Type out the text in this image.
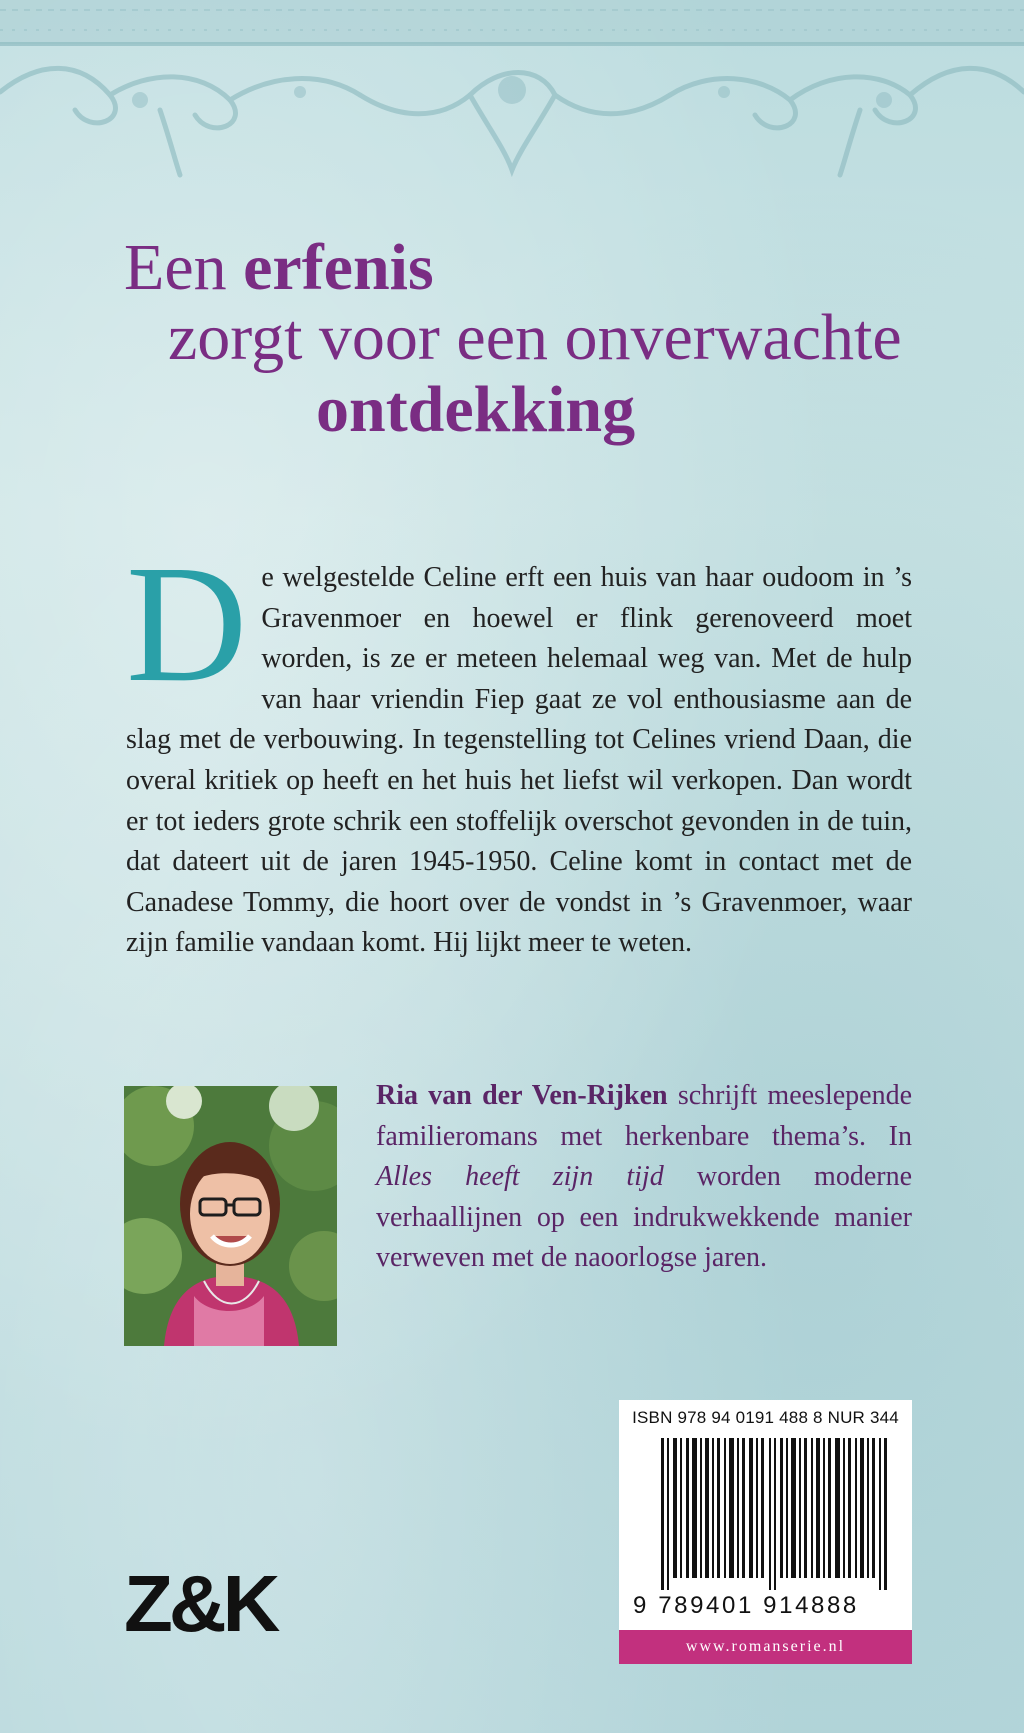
Een erfenis
zorgt voor een onverwachte
ontdekking
De welgestelde Celine erft een huis van haar oudoom in ’s Gravenmoer en hoewel er flink gerenoveerd moet worden, is ze er meteen helemaal weg van. Met de hulp van haar vriendin Fiep gaat ze vol enthousiasme aan de slag met de verbouwing. In tegenstelling tot Celines vriend Daan, die overal kritiek op heeft en het huis het liefst wil verkopen. Dan wordt er tot ieders grote schrik een stoffelijk overschot gevonden in de tuin, dat dateert uit de jaren 1945-1950. Celine komt in contact met de Canadese Tommy, die hoort over de vondst in ’s Gravenmoer, waar zijn familie vandaan komt. Hij lijkt meer te weten.
Ria van der Ven-Rijken schrijft meeslepende familieromans met herkenbare thema’s. In Alles heeft zijn tijd worden moderne verhaallijnen op een indrukwekkende manier verweven met de naoorlogse jaren.
ISBN 978 94 0191 488 8 NUR 344
9 789401 914888
www.romanserie.nl
Z&K
